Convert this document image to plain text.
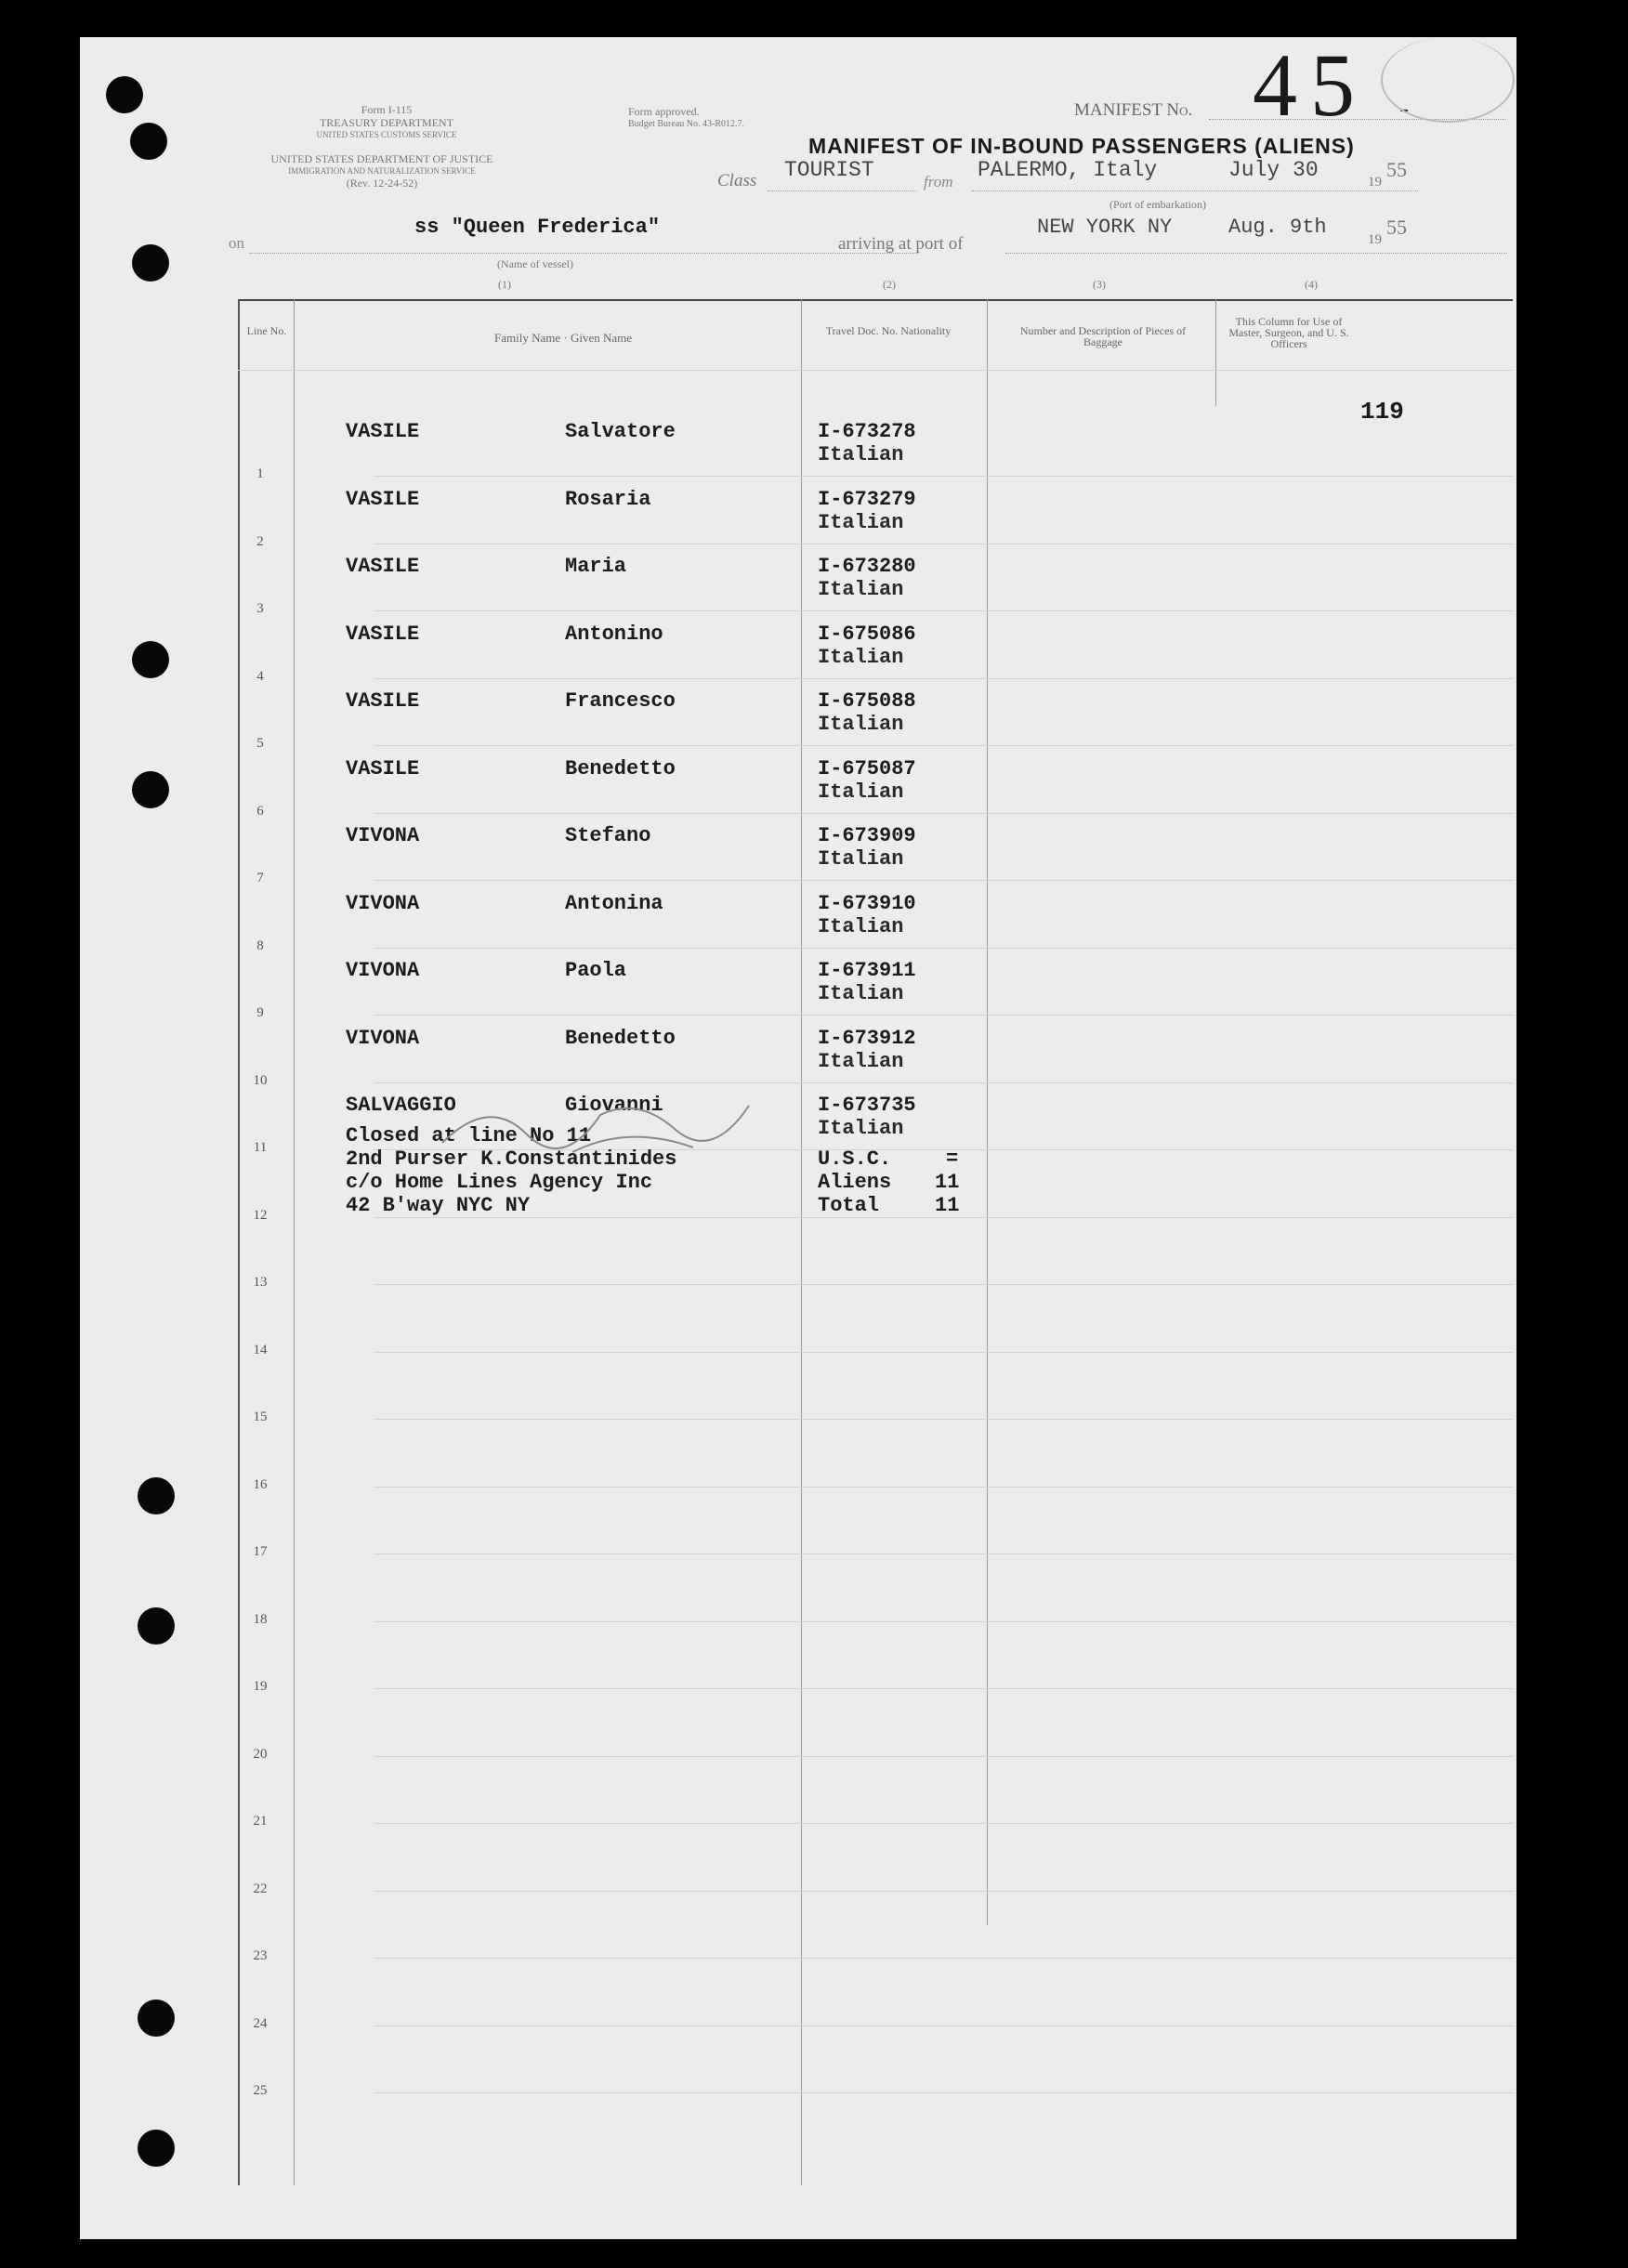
Form I-115
TREASURY DEPARTMENT
UNITED STATES CUSTOMS SERVICE
UNITED STATES DEPARTMENT OF JUSTICE
IMMIGRATION AND NATURALIZATION SERVICE
(Rev. 12-24-52)
Form approved.
Budget Bureau No. 43-R012.7.
MANIFEST No. 45 -
MANIFEST OF IN-BOUND PASSENGERS (ALIENS)
Class TOURIST	from PALERMO, Italy	July 30	19
55
(Port of embarkation)
on
ss "Queen Frederica"
(Name of vessel)
arriving at port of
NEW YORK NY	Aug. 9th
19
55
(1)	(2)	(3)	(4)
Line No.	Family Name · Given Name	Travel Doc. No. Nationality	Number and Description of Pieces of Baggage
This Column for Use of Master, Surgeon, and U. S. Officers
119
VASILE	Salvatore	I-673278
Italian
1
VASILE	Rosaria	I-673279
Italian
2
VASILE	Maria	I-673280
Italian
3
VASILE	Antonino	I-675086
Italian
4
VASILE	Francesco	I-675088
Italian
5
VASILE	Benedetto	I-675087
Italian
6
VIVONA	Stefano	I-673909
Italian
7
VIVONA	Antonina	I-673910
Italian
8
VIVONA	Paola	I-673911
Italian
9
VIVONA	Benedetto	I-673912
Italian
10
SALVAGGIO	Giovanni	I-673735
Italian
11
12
13
14
15
16
17
18
19
20
21
22
23
24
25
Closed at line No 11
2nd Purser K.Constantinides
c/o Home Lines Agency Inc
42 B'way NYC NY
U.S.C.	=
Aliens 11
Total	11
